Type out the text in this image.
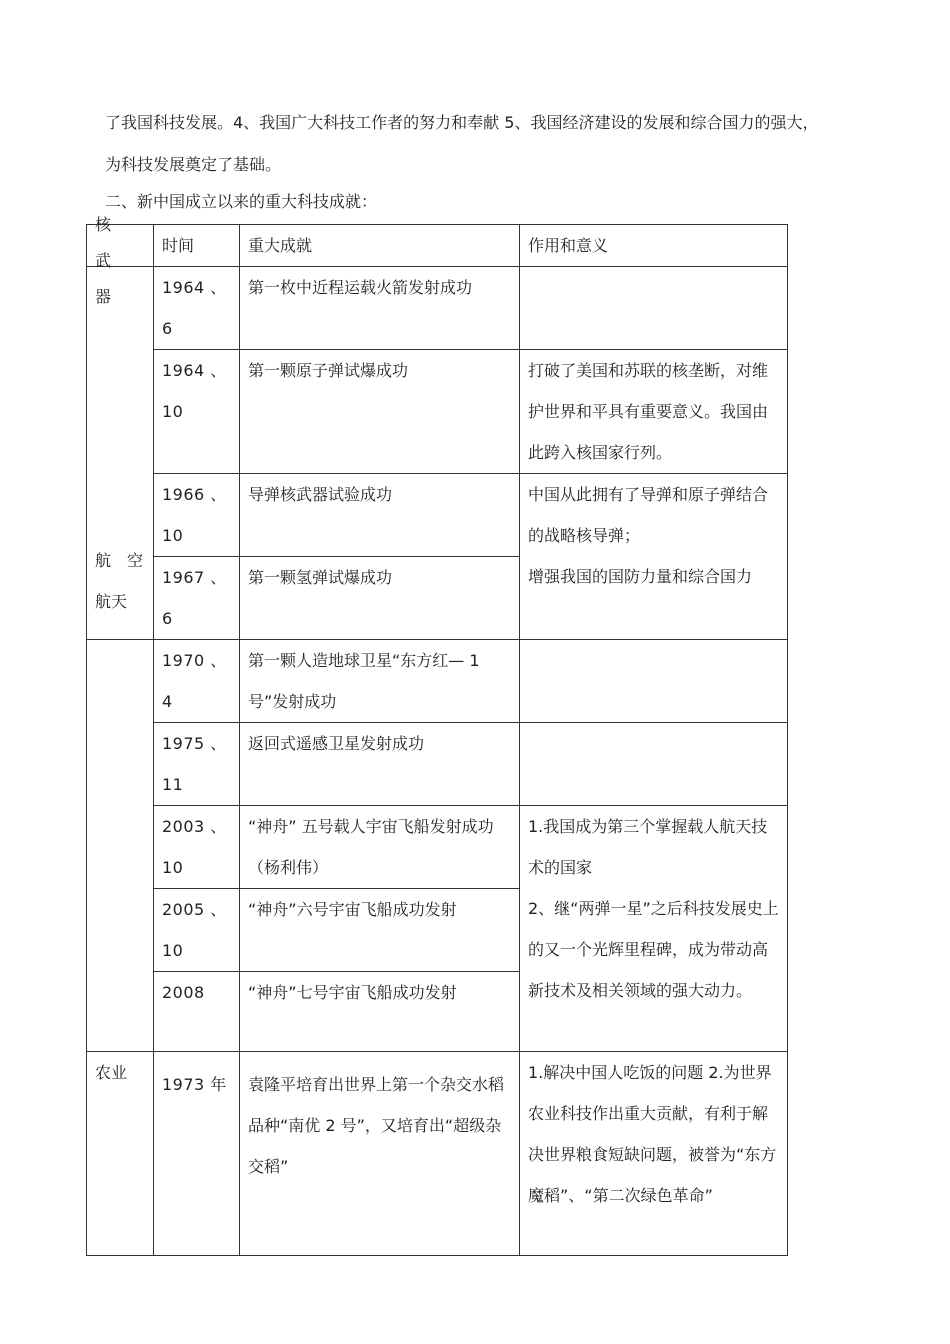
了我国科技发展。4、我国广大科技工作者的努力和奉献 5、我国经济建设的发展和综合国力的强大，

为科技发展奠定了基础。

二、新中国成立以来的重大科技成就：

	时间	重大成就	作用和意义

核
武
器	1964 、6	第一枚中近程运载火箭发射成功	
	1964 、10	第一颗原子弹试爆成功	打破了美国和苏联的核垄断，对维护世界和平具有重要意义。我国由此跨入核国家行列。
	1966 、10	导弹核武器试验成功	中国从此拥有了导弹和原子弹结合的战略核导弹；
增强我国的国防力量和综合国力
	1967 、6	第一颗氢弹试爆成功	

航　空
航天	1970 、4	第一颗人造地球卫星“东方红— 1 号”发射成功	
	1975 、11	返回式遥感卫星发射成功	
	2003 、10	“神舟” 五号载人宇宙飞船发射成功（杨利伟）	1.我国成为第三个掌握载人航天技术的国家
2、继“两弹一星”之后科技发展史上的又一个光辉里程碑，成为带动高新技术及相关领域的强大动力。
	2005 、10	“神舟”六号宇宙飞船成功发射	
	2008	“神舟”七号宇宙飞船成功发射	
农业	1973 年	袁隆平培育出世界上第一个杂交水稻品种“南优 2 号”，又培育出“超级杂交稻”	1.解决中国人吃饭的问题 2.为世界农业科技作出重大贡献，有利于解决世界粮食短缺问题，被誉为“东方魔稻”、“第二次绿色革命”
